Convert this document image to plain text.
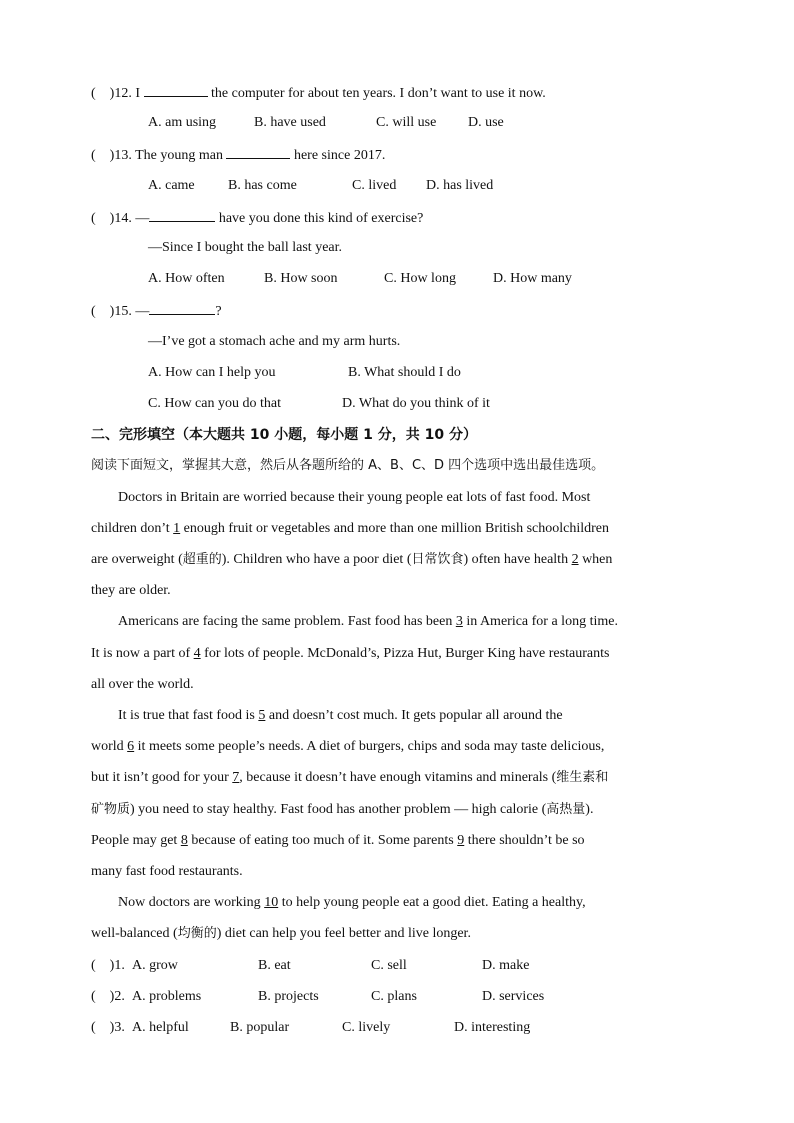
( )12. I	the computer for about ten years. I don’t want to use it now.
A. am using	B. have used	C. will use D. use
( )13. The young man	here since 2017.
A. came B. has come	C. lived D. has lived
( )14. —	have you done this kind of exercise?
—Since I bought the ball last year.
A. How often	B. How soon	C. How long	D. How many
( )15. —	?
—I’ve got a stomach ache and my arm hurts.
A. How can I help you	B. What should I do
C. How can you do that	D. What do you think of it
二、完形填空（本大题共 10 小题，每小题 1 分，共 10 分）
阅读下面短文，掌握其大意，然后从各题所给的 A、B、C、D 四个选项中选出最佳选项。
Doctors in Britain are worried because their young people eat lots of fast food. Most
children don’t 1 enough fruit or vegetables and more than one million British schoolchildren
are overweight (超重的). Children who have a poor diet (日常饮食) often have health 2 when
they are older.
Americans are facing the same problem. Fast food has been 3 in America for a long time.
It is now a part of 4 for lots of people. McDonald’s, Pizza Hut, Burger King have restaurants
all over the world.
It is true that fast food is 5 and doesn’t cost much. It gets popular all around the
world 6 it meets some people’s needs. A diet of burgers, chips and soda may taste delicious,
but it isn’t good for your 7, because it doesn’t have enough vitamins and minerals (维生素和
矿物质) you need to stay healthy. Fast food has another problem — high calorie (高热量).
People may get 8 because of eating too much of it. Some parents 9 there shouldn’t be so
many fast food restaurants.
Now doctors are working 10 to help young people eat a good diet. Eating a healthy,
well-balanced (均衡的) diet can help you feel better and live longer.
( )1. A. grow	B. eat	C. sell	D. make
( )2. A. problems	B. projects	C. plans	D. services
( )3. A. helpful	B. popular	C. lively	D. interesting
